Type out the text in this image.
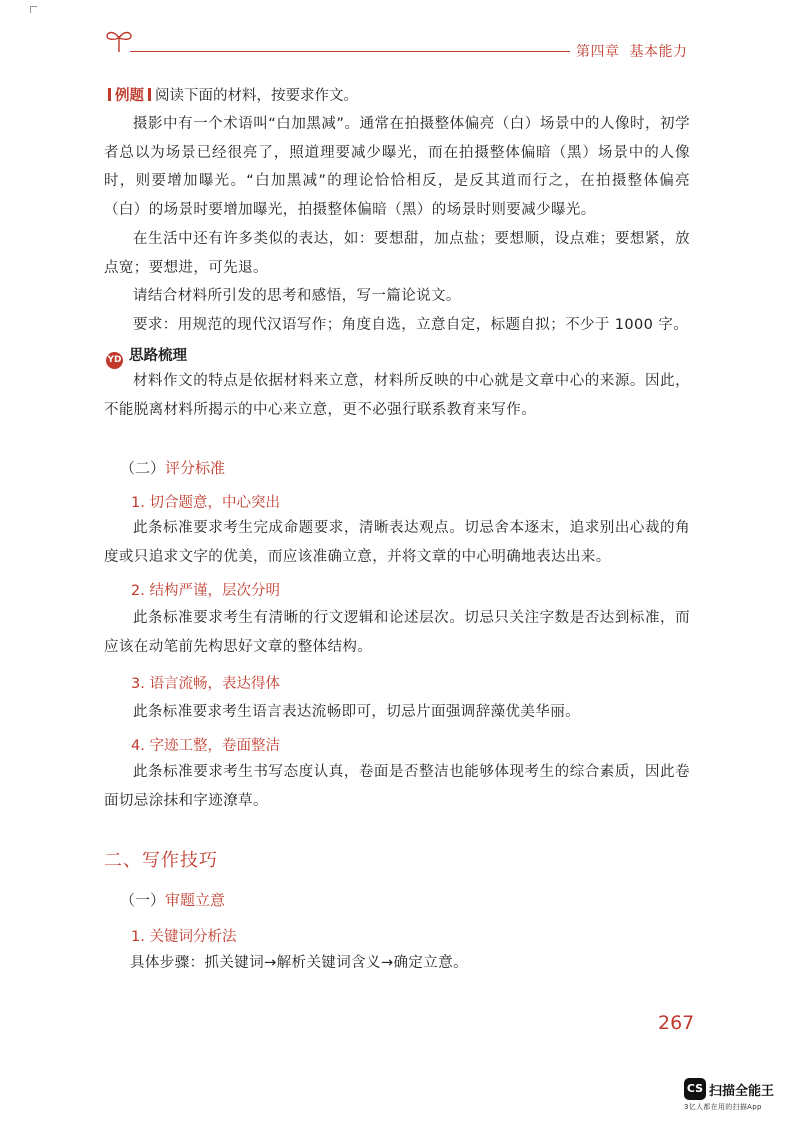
第四章 基本能力
例题 阅读下面的材料，按要求作文。
摄影中有一个术语叫“白加黑减”。通常在拍摄整体偏亮（白）场景中的人像时，初学者总以为场景已经很亮了，照道理要减少曝光，而在拍摄整体偏暗（黑）场景中的人像时，则要增加曝光。“白加黑减”的理论恰恰相反，是反其道而行之，在拍摄整体偏亮（白）的场景时要增加曝光，拍摄整体偏暗（黑）的场景时则要减少曝光。
在生活中还有许多类似的表达，如：要想甜，加点盐；要想顺，设点难；要想紧，放点宽；要想进，可先退。
请结合材料所引发的思考和感悟，写一篇论说文。
要求：用规范的现代汉语写作；角度自选，立意自定，标题自拟；不少于 1000 字。
YD 思路梳理
材料作文的特点是依据材料来立意，材料所反映的中心就是文章中心的来源。因此，不能脱离材料所揭示的中心来立意，更不必强行联系教育来写作。
（二）评分标准
1. 切合题意，中心突出
此条标准要求考生完成命题要求，清晰表达观点。切忌舍本逐末，追求别出心裁的角度或只追求文字的优美，而应该准确立意，并将文章的中心明确地表达出来。
2. 结构严谨，层次分明
此条标准要求考生有清晰的行文逻辑和论述层次。切忌只关注字数是否达到标准，而应该在动笔前先构思好文章的整体结构。
3. 语言流畅，表达得体
此条标准要求考生语言表达流畅即可，切忌片面强调辞藻优美华丽。
4. 字迹工整，卷面整洁
此条标准要求考生书写态度认真，卷面是否整洁也能够体现考生的综合素质，因此卷面切忌涂抹和字迹潦草。
二、写作技巧
（一）审题立意
1. 关键词分析法
具体步骤：抓关键词→解析关键词含义→确定立意。
267
CS 扫描全能王
3亿人都在用的扫描App
